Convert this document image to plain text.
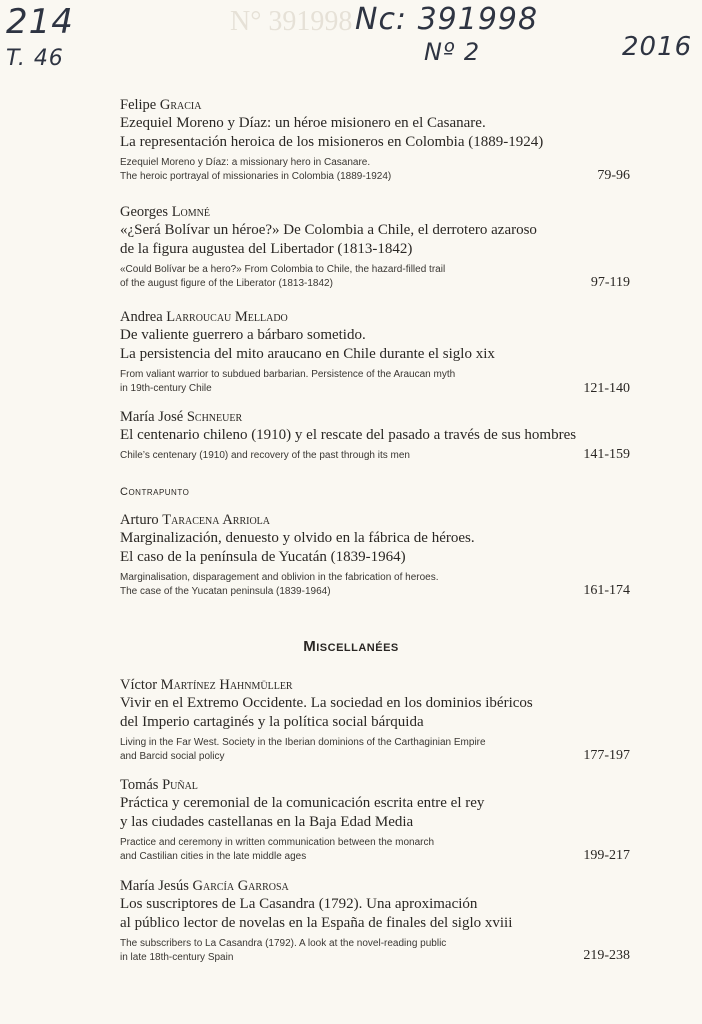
N° 391998
214
T. 46
Nc: 391998
Nº 2	2016
Felipe Gracia
Ezequiel Moreno y Díaz: un héroe misionero en el Casanare.
La representación heroica de los misioneros en Colombia (1889-1924)
Ezequiel Moreno y Díaz: a missionary hero in Casanare.
The heroic portrayal of missionaries in Colombia (1889-1924)	79-96
Georges Lomné
«¿Será Bolívar un héroe?» De Colombia a Chile, el derrotero azaroso
de la figura augustea del Libertador (1813-1842)
«Could Bolívar be a hero?» From Colombia to Chile, the hazard-filled trail
of the august figure of the Liberator (1813-1842)	97-119
Andrea Larroucau Mellado
De valiente guerrero a bárbaro sometido.
La persistencia del mito araucano en Chile durante el siglo xix
From valiant warrior to subdued barbarian. Persistence of the Araucan myth
in 19th-century Chile	121-140
María José Schneuer
El centenario chileno (1910) y el rescate del pasado a través de sus hombres
Chile’s centenary (1910) and recovery of the past through its men	141-159
Contrapunto
Arturo Taracena Arriola
Marginalización, denuesto y olvido en la fábrica de héroes.
El caso de la península de Yucatán (1839-1964)
Marginalisation, disparagement and oblivion in the fabrication of heroes.
The case of the Yucatan peninsula (1839-1964)	161-174
Miscellanées
Víctor Martínez Hahnmüller
Vivir en el Extremo Occidente. La sociedad en los dominios ibéricos
del Imperio cartaginés y la política social bárquida
Living in the Far West. Society in the Iberian dominions of the Carthaginian Empire
and Barcid social policy	177-197
Tomás Puñal
Práctica y ceremonial de la comunicación escrita entre el rey
y las ciudades castellanas en la Baja Edad Media
Practice and ceremony in written communication between the monarch
and Castilian cities in the late middle ages	199-217
María Jesús García Garrosa
Los suscriptores de La Casandra (1792). Una aproximación
al público lector de novelas en la España de finales del siglo xviii
The subscribers to La Casandra (1792). A look at the novel-reading public
in late 18th-century Spain	219-238
